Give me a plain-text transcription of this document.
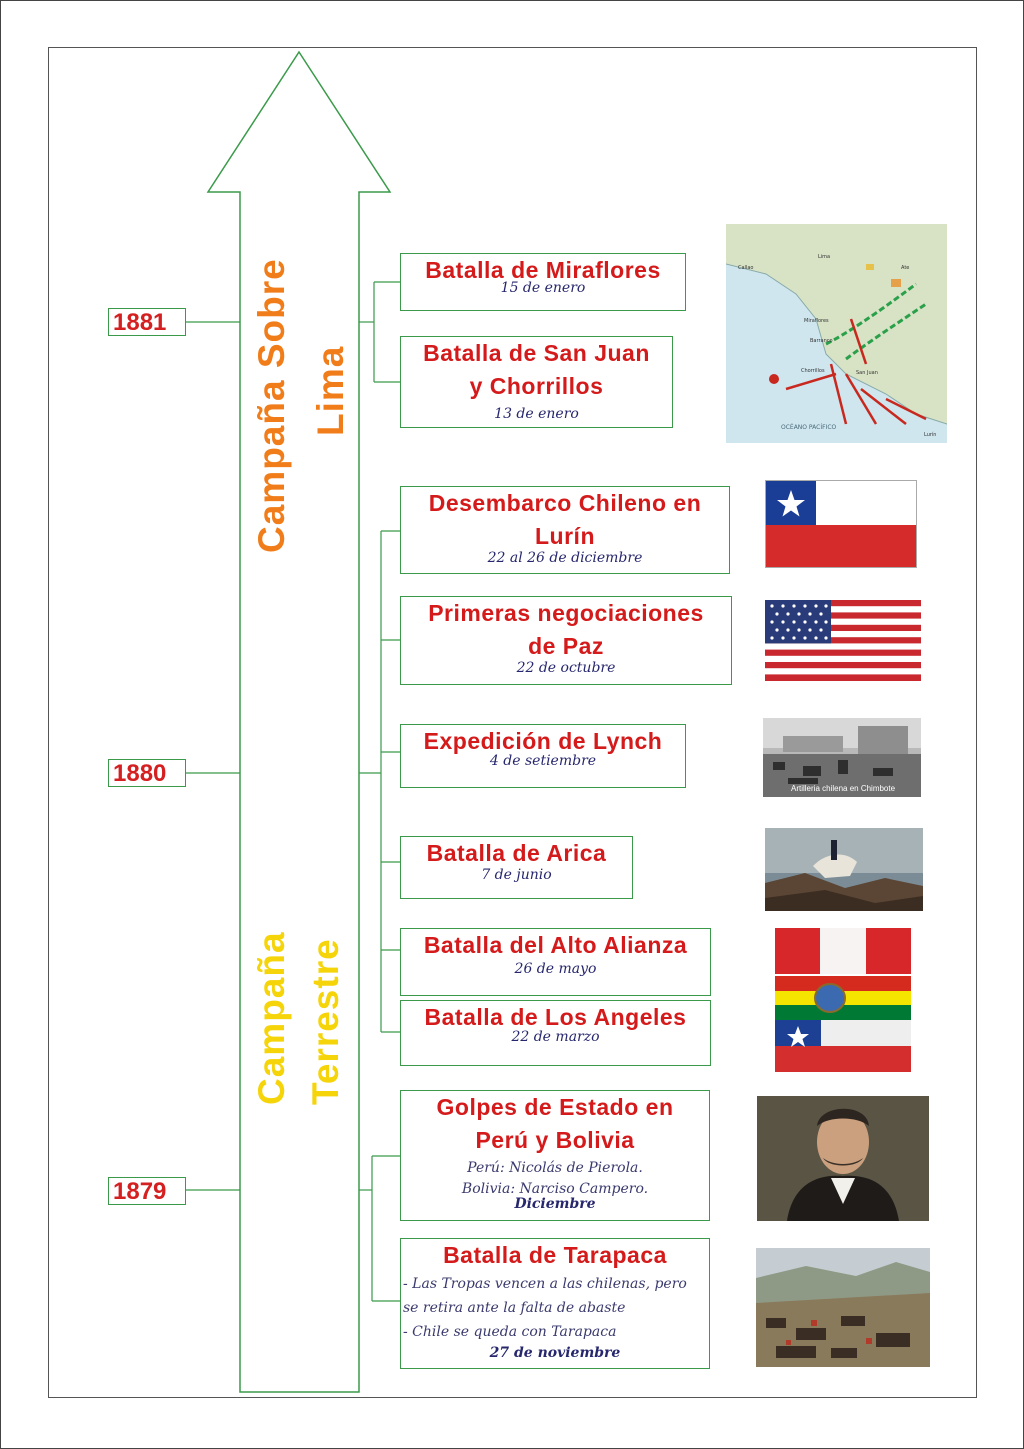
1881
1880
1879
Campaña Sobre Lima
Campaña Terrestre
Batalla de Miraflores
15 de enero
Batalla de San Juan
y Chorrillos
13 de enero
Desembarco Chileno en
Lurín
22 al 26 de diciembre
Primeras negociaciones
de Paz
22 de octubre
Expedición de Lynch
4 de setiembre
Batalla de Arica
7 de junio
Batalla del Alto Alianza
26 de mayo
Batalla de Los Angeles
22 de marzo
Golpes de Estado en
Perú y Bolivia
Perú: Nicolás de Pierola.
Bolivia: Narciso Campero.
Diciembre
Batalla de Tarapaca
- Las Tropas vencen a las chilenas, pero
se retira ante la falta de abaste
- Chile se queda con Tarapaca
27 de noviembre
OCÉANO PACÍFICO
Callao
Lima
Ate
Miraflores
Barranco
Chorrillos
Lurín
San Juan
Artilleria chilena en Chimbote
